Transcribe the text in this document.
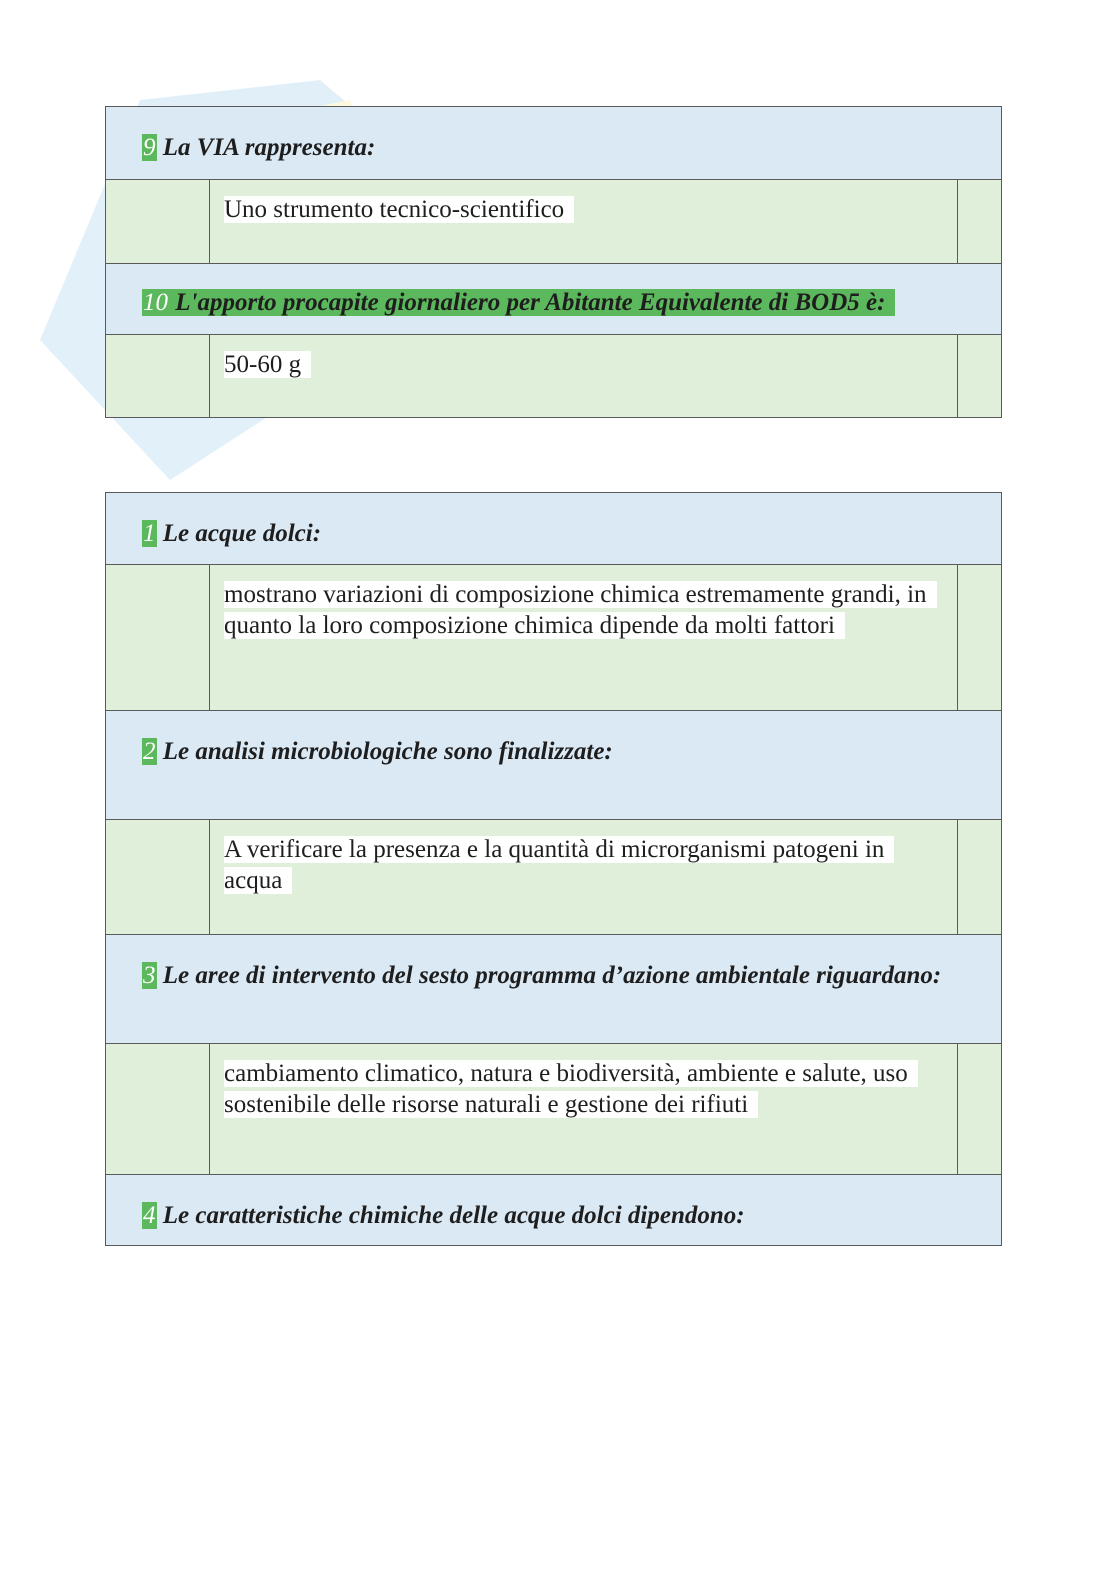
9 La VIA rappresenta:
Uno strumento tecnico-scientifico
10 L'apporto procapite giornaliero per Abitante Equivalente di BOD5 è:
50-60 g
1 Le acque dolci:
mostrano variazioni di composizione chimica estremamente grandi, in quanto la loro composizione chimica dipende da molti fattori
2 Le analisi microbiologiche sono finalizzate:
A verificare la presenza e la quantità di microrganismi patogeni in acqua
3 Le aree di intervento del sesto programma d’azione ambientale riguardano:
cambiamento climatico, natura e biodiversità, ambiente e salute, uso sostenibile delle risorse naturali e gestione dei rifiuti
4 Le caratteristiche chimiche delle acque dolci dipendono:
